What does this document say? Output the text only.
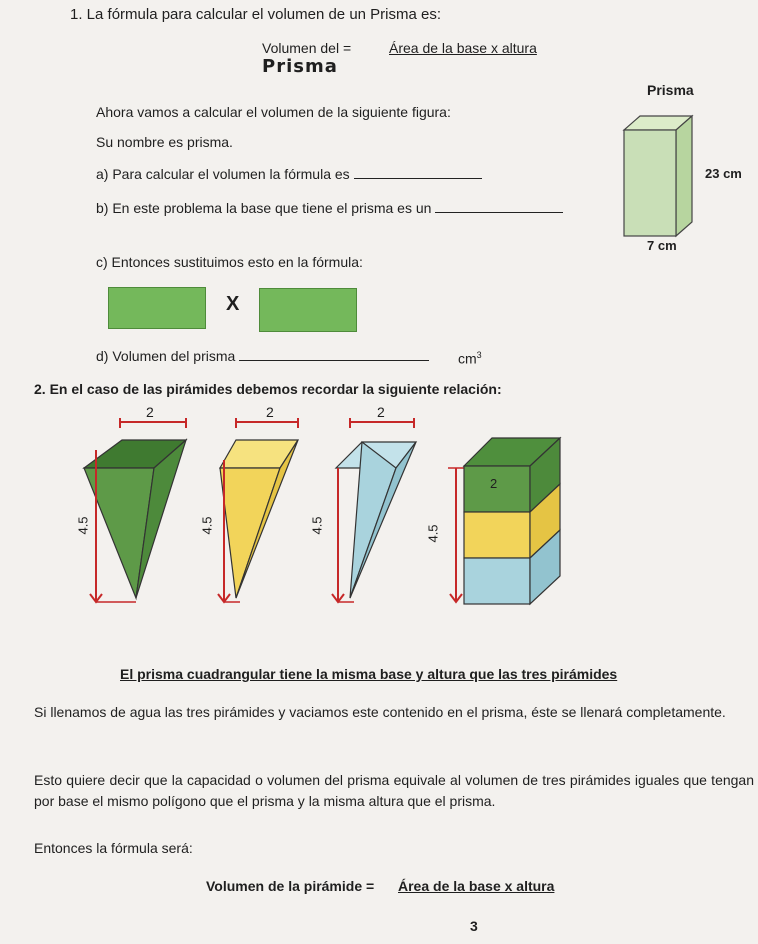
1. La fórmula para calcular el volumen de un Prisma es:
Volumen del =	Área de la base x altura
Prisma
Ahora vamos a calcular el volumen de la siguiente figura:
Su nombre es prisma.
a) Para calcular el volumen la fórmula es
b) En este problema la base que tiene el prisma es un
c) Entonces sustituimos esto en la fórmula:
X
d) Volumen del prisma	$cm^3$
Prisma
23 cm
7 cm
2. En el caso de las pirámides debemos recordar la siguiente relación:
2
4.5
2
4.5
2
4.5
2
4.5
El prisma cuadrangular tiene la misma base y altura que las tres pirámides
Si llenamos de agua las tres pirámides y vaciamos este contenido en el prisma, éste se llenará completamente.
Esto quiere decir que la capacidad o volumen del prisma equivale al volumen de tres pirámides iguales que tengan por base el mismo polígono que el prisma y la misma altura que el prisma.
Entonces la fórmula será:
Volumen de la pirámide = Área de la base x altura
3
